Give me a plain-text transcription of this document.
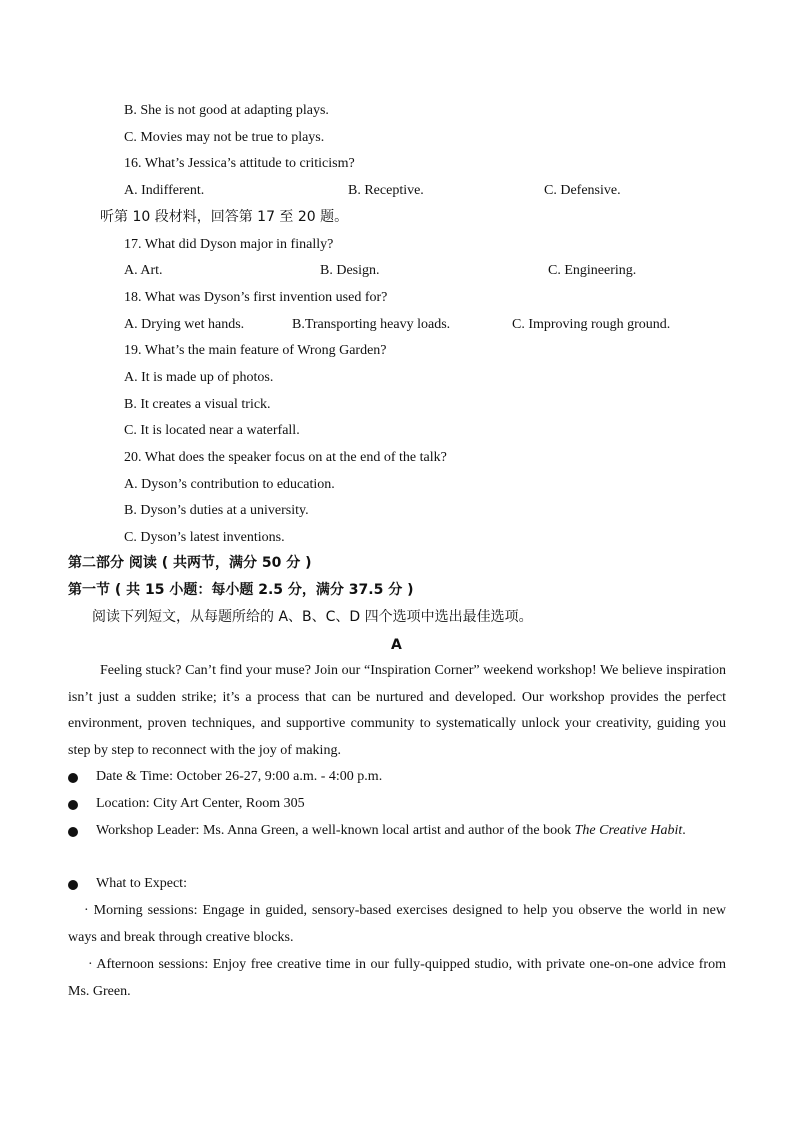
B. She is not good at adapting plays.
C. Movies may not be true to plays.
16. What’s Jessica’s attitude to criticism?
A. Indifferent.	B. Receptive.	C. Defensive.
听第 10 段材料，回答第 17 至 20 题。
17. What did Dyson major in finally?
A. Art.	B. Design.	C. Engineering.
18. What was Dyson’s first invention used for?
A. Drying wet hands.	B.Transporting heavy loads.	C. Improving rough ground.
19. What’s the main feature of Wrong Garden?
A. It is made up of photos.
B. It creates a visual trick.
C. It is located near a waterfall.
20. What does the speaker focus on at the end of the talk?
A. Dyson’s contribution to education.
B. Dyson’s duties at a university.
C. Dyson’s latest inventions.
第二部分 阅读 ( 共两节，满分 50 分 )
第一节 ( 共 15 小题：每小题 2.5 分，满分 37.5 分 )
阅读下列短文，从每题所给的 A、B、C、D 四个选项中选出最佳选项。
A
Feeling stuck? Can’t find your muse? Join our “Inspiration Corner” weekend workshop! We believe inspiration isn’t just a sudden strike; it’s a process that can be nurtured and developed. Our workshop provides the perfect environment, proven techniques, and supportive community to systematically unlock your creativity, guiding you step by step to reconnect with the joy of making.
Date & Time: October 26-27, 9:00 a.m. - 4:00 p.m.
Location: City Art Center, Room 305
Workshop Leader: Ms. Anna Green, a well-known local artist and author of the book The Creative Habit.
What to Expect:
· Morning sessions: Engage in guided, sensory-based exercises designed to help you observe the world in new ways and break through creative blocks.
· Afternoon sessions: Enjoy free creative time in our fully-quipped studio, with private one-on-one advice from Ms. Green.
